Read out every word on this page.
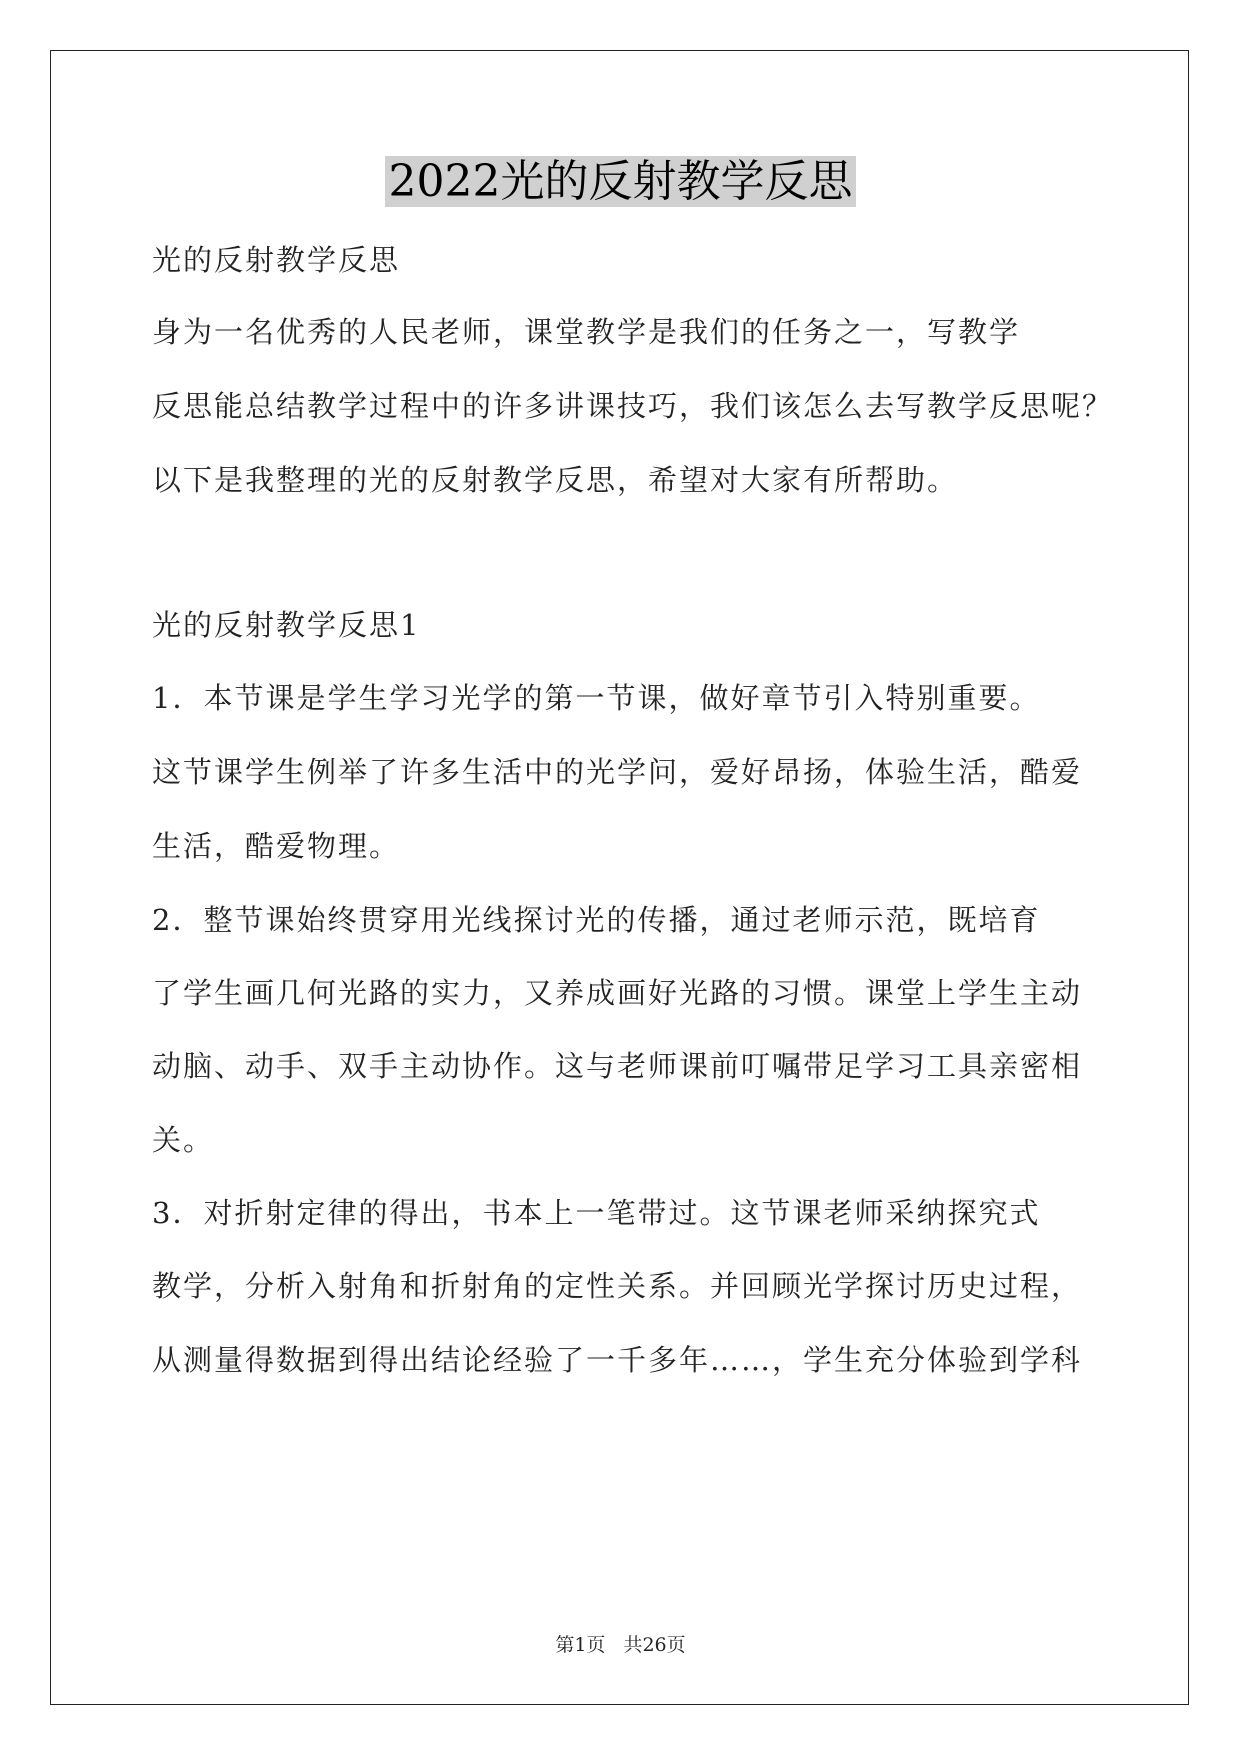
2022光的反射教学反思
光的反射教学反思
身为一名优秀的人民老师，课堂教学是我们的任务之一，写教学
反思能总结教学过程中的许多讲课技巧，我们该怎么去写教学反思呢？
以下是我整理的光的反射教学反思，希望对大家有所帮助。
光的反射教学反思1
1．本节课是学生学习光学的第一节课，做好章节引入特别重要。
这节课学生例举了许多生活中的光学问，爱好昂扬，体验生活，酷爱
生活，酷爱物理。
2．整节课始终贯穿用光线探讨光的传播，通过老师示范，既培育
了学生画几何光路的实力，又养成画好光路的习惯。课堂上学生主动
动脑、动手、双手主动协作。这与老师课前叮嘱带足学习工具亲密相
关。
3．对折射定律的得出，书本上一笔带过。这节课老师采纳探究式
教学，分析入射角和折射角的定性关系。并回顾光学探讨历史过程，
从测量得数据到得出结论经验了一千多年……，学生充分体验到学科
第1页 共26页
